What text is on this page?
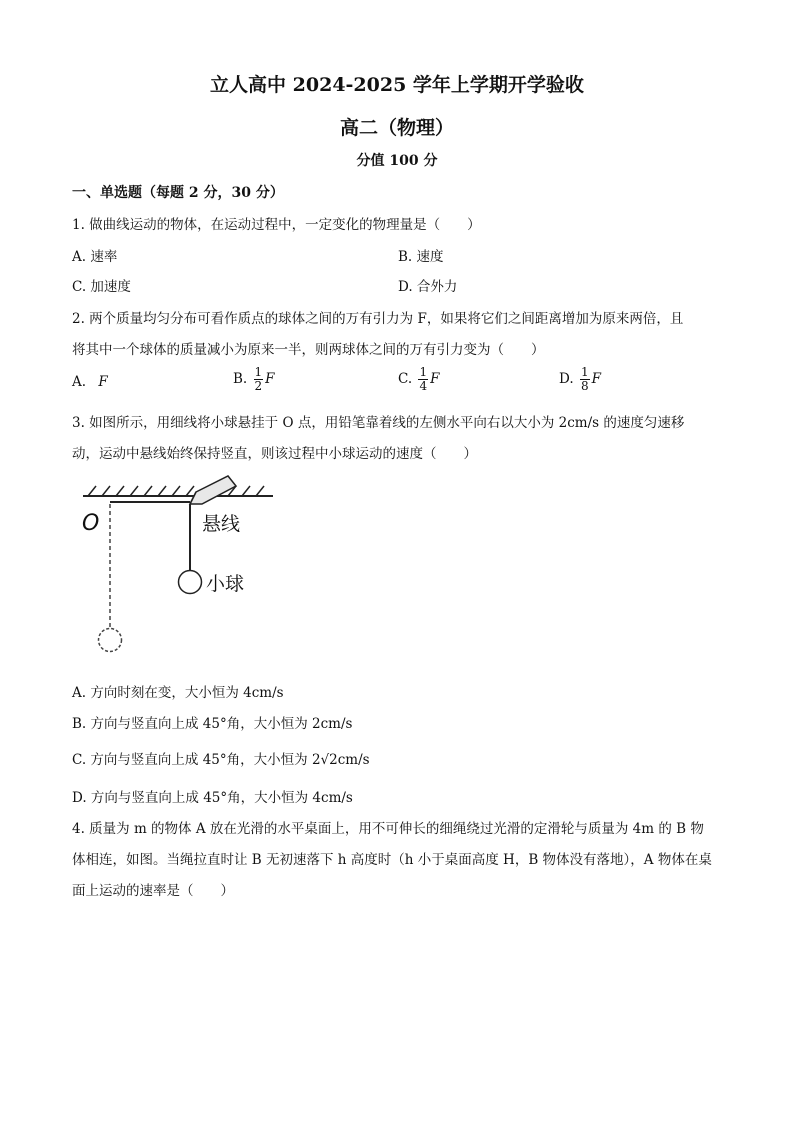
立人高中 2024-2025 学年上学期开学验收
高二（物理）
分值 100 分
一、单选题（每题 2 分，30 分）
1. 做曲线运动的物体，在运动过程中，一定变化的物理量是（　　）
A. 速率	B. 速度
C. 加速度	D. 合外力
2. 两个质量均匀分布可看作质点的球体之间的万有引力为 F，如果将它们之间距离增加为原来两倍，且
将其中一个球体的质量减小为原来一半，则两球体之间的万有引力变为（　　）
A. F	B. $\frac{1}{2}$ F	C. $\frac{1}{4}$ F	D. $\frac{1}{8}$ F
3. 如图所示，用细线将小球悬挂于 O 点，用铅笔靠着线的左侧水平向右以大小为 2cm/s 的速度匀速移
动，运动中悬线始终保持竖直，则该过程中小球运动的速度（　　）
O	悬线
小球
A. 方向时刻在变，大小恒为 4cm/s
B. 方向与竖直向上成 45°角，大小恒为 2cm/s
C. 方向与竖直向上成 45°角，大小恒为 2√2cm/s
D. 方向与竖直向上成 45°角，大小恒为 4cm/s
4. 质量为 m 的物体 A 放在光滑的水平桌面上，用不可伸长的细绳绕过光滑的定滑轮与质量为 4m 的 B 物
体相连，如图。当绳拉直时让 B 无初速落下 h 高度时（h 小于桌面高度 H，B 物体没有落地），A 物体在桌
面上运动的速率是（　　）
